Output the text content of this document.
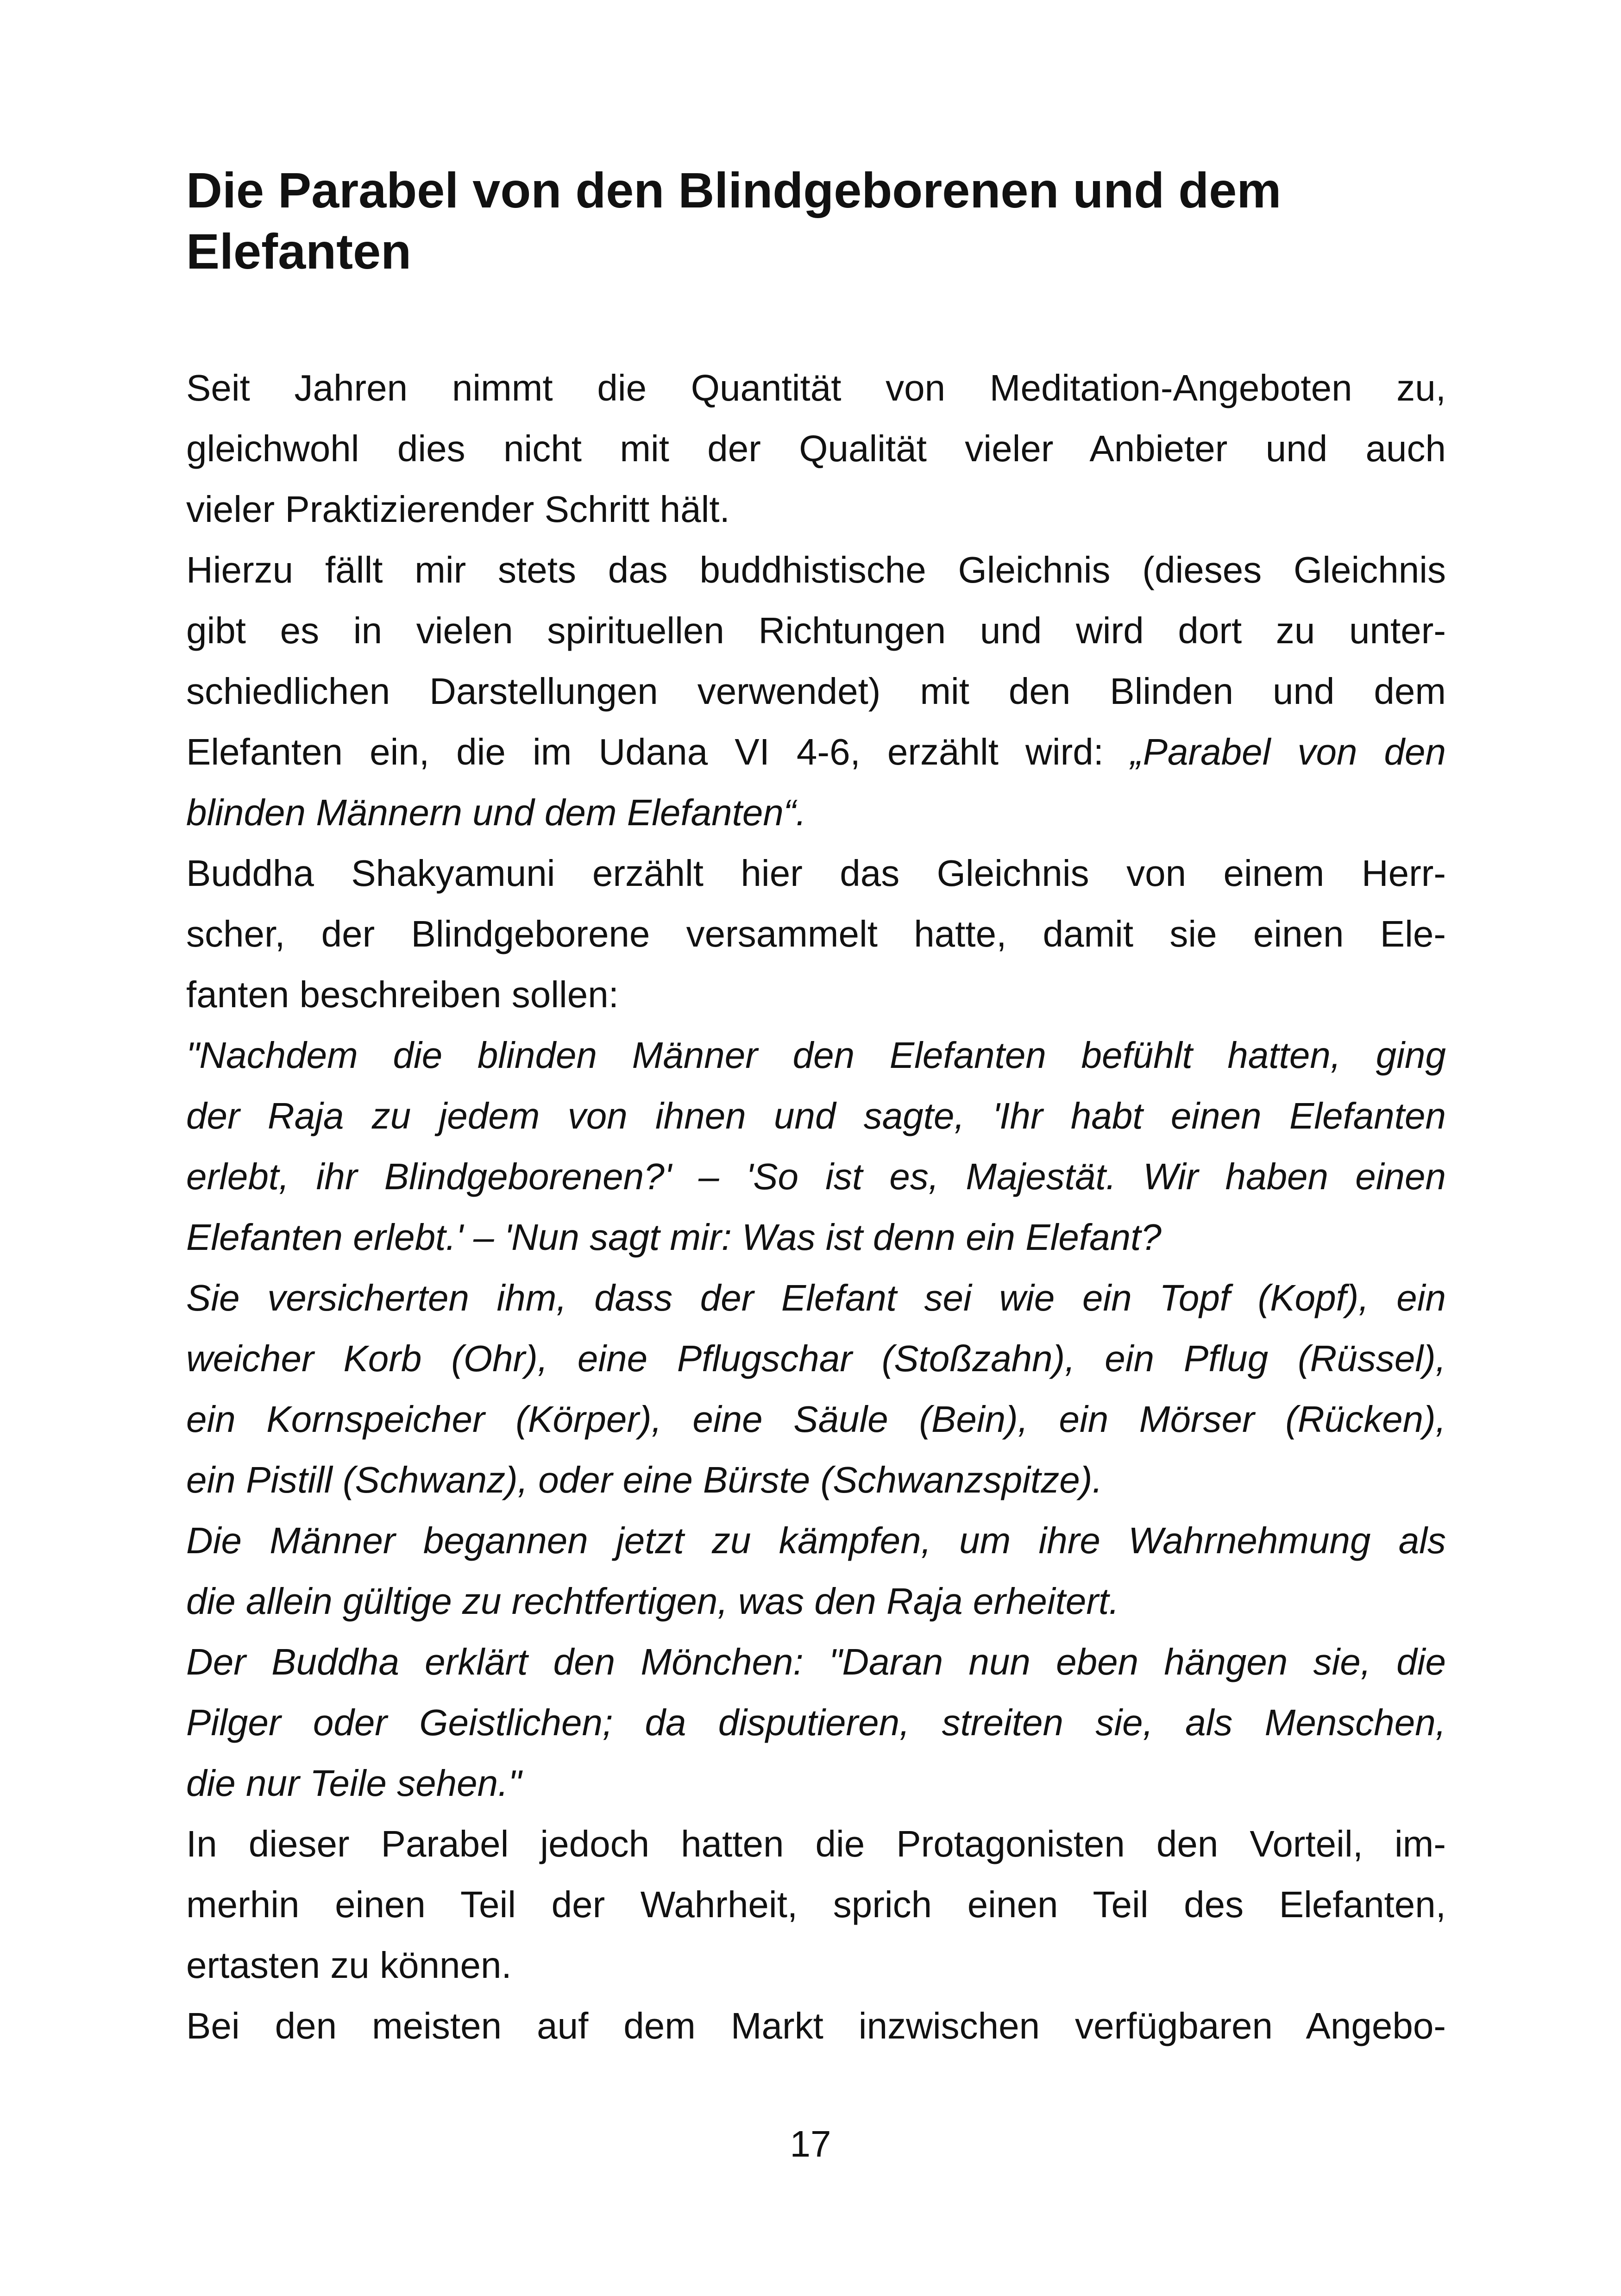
Die Parabel von den Blindgeborenen und dem Elefanten

Seit Jahren nimmt die Quantität von Meditation-Angeboten zu,
gleichwohl dies nicht mit der Qualität vieler Anbieter und auch
vieler Praktizierender Schritt hält.

Hierzu fällt mir stets das buddhistische Gleichnis (dieses Gleichnis
gibt es in vielen spirituellen Richtungen und wird dort zu unter-
schiedlichen Darstellungen verwendet) mit den Blinden und dem
Elefanten ein, die im Udana VI 4-6, erzählt wird: „Parabel von den
blinden Männern und dem Elefanten“.

Buddha Shakyamuni erzählt hier das Gleichnis von einem Herr-
scher, der Blindgeborene versammelt hatte, damit sie einen Ele-
fanten beschreiben sollen:

"Nachdem die blinden Männer den Elefanten befühlt hatten, ging
der Raja zu jedem von ihnen und sagte, 'Ihr habt einen Elefanten
erlebt, ihr Blindgeborenen?' – 'So ist es, Majestät. Wir haben einen
Elefanten erlebt.' – 'Nun sagt mir: Was ist denn ein Elefant?

Sie versicherten ihm, dass der Elefant sei wie ein Topf (Kopf), ein
weicher Korb (Ohr), eine Pflugschar (Stoßzahn), ein Pflug (Rüssel),
ein Kornspeicher (Körper), eine Säule (Bein), ein Mörser (Rücken),
ein Pistill (Schwanz), oder eine Bürste (Schwanzspitze).

Die Männer begannen jetzt zu kämpfen, um ihre Wahrnehmung als
die allein gültige zu rechtfertigen, was den Raja erheitert.

Der Buddha erklärt den Mönchen: "Daran nun eben hängen sie, die
Pilger oder Geistlichen; da disputieren, streiten sie, als Menschen,
die nur Teile sehen."

In dieser Parabel jedoch hatten die Protagonisten den Vorteil, im-
merhin einen Teil der Wahrheit, sprich einen Teil des Elefanten,
ertasten zu können.

Bei den meisten auf dem Markt inzwischen verfügbaren Angebo-

17
